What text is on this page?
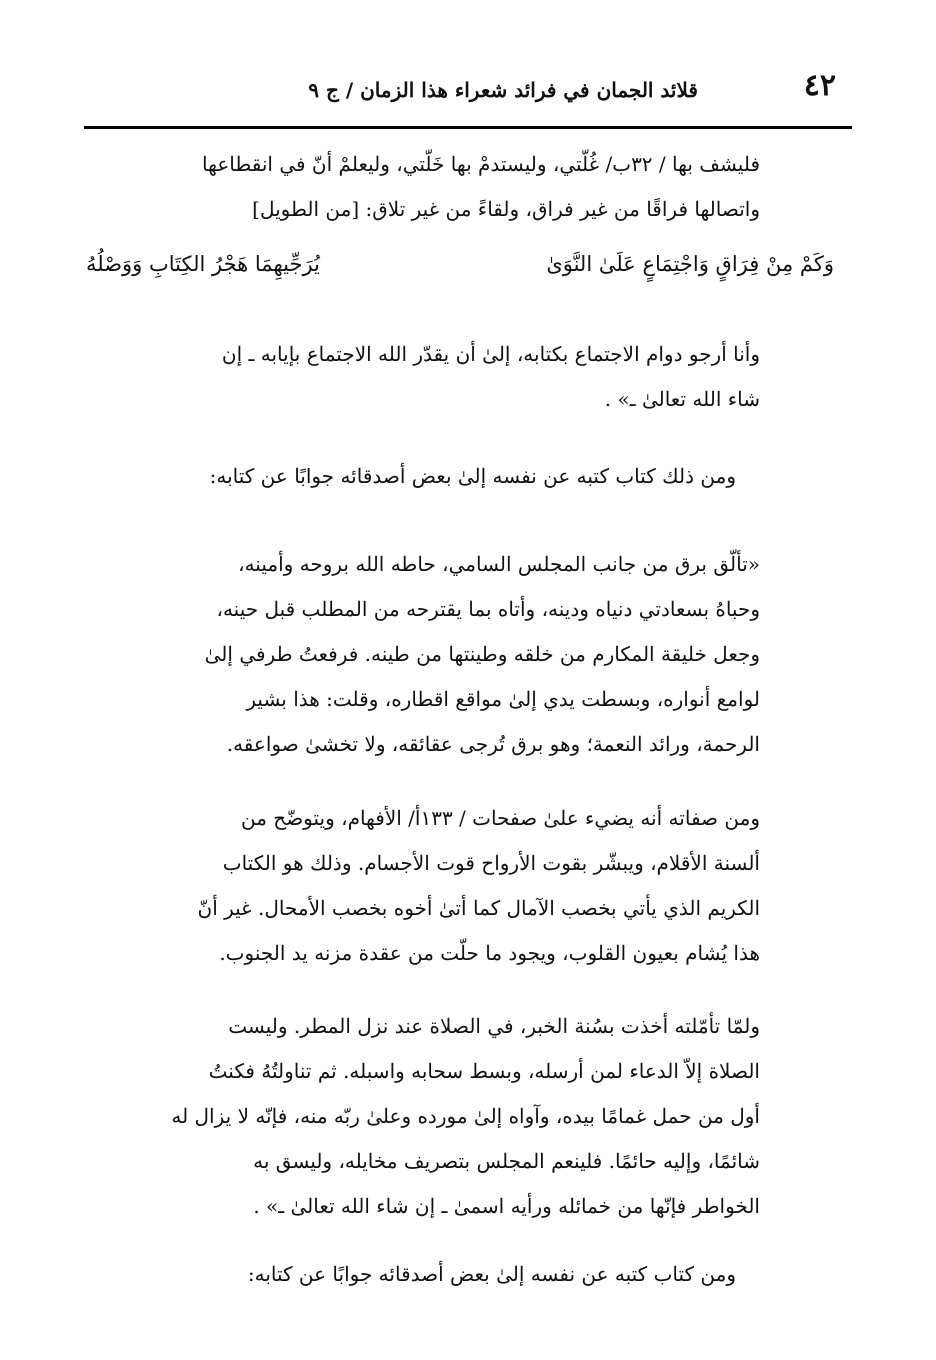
٤٢
قلائد الجمان في فرائد شعراء هذا الزمان / ج ٩

فليشف بها / ٣٢ب/ غُلّتي، وليستدمْ بها خَلّتي، وليعلمْ أنّ في انقطاعها

واتصالها فراقًا من غير فراق، ولقاءً من غير تلاق: [من الطويل]

وَكَمْ مِنْ فِرَاقٍ وَاجْتِمَاعٍ عَلَىٰ النَّوَىٰ
يُرَجِّيهِمَا هَجْرُ الكِتَابِ وَوَصْلُهُ

وأنا أرجو دوام الاجتماع بكتابه، إلىٰ أن يقدّر الله الاجتماع بإيابه ـ إن

شاء الله تعالىٰ ـ» .

ومن ذلك كتاب كتبه عن نفسه إلىٰ بعض أصدقائه جوابًا عن كتابه:

«تألّق برق من جانب المجلس السامي، حاطه الله بروحه وأمينه،

وحباهُ بسعادتي دنياه ودينه، وأتاه بما يقترحه من المطلب قبل حينه،

وجعل خليقة المكارم من خلقه وطينتها من طينه. فرفعتُ طرفي إلىٰ

لوامع أنواره، وبسطت يدي إلىٰ مواقع اقطاره، وقلت: هذا بشير

الرحمة، ورائد النعمة؛ وهو برق تُرجى عقائقه، ولا تخشىٰ صواعقه.

ومن صفاته أنه يضيء علىٰ صفحات / ١٣٣أ/ الأفهام، ويتوضّح من

ألسنة الأقلام، ويبشّر بقوت الأرواح قوت الأجسام. وذلك هو الكتاب

الكريم الذي يأتي بخصب الآمال كما أتىٰ أخوه بخصب الأمحال. غير أنّ

هذا يُشام بعيون القلوب، ويجود ما حلّت من عقدة مزنه يد الجنوب.

ولمّا تأمّلته أخذت بسُنة الخبر، في الصلاة عند نزل المطر. وليست

الصلاة إلاّ الدعاء لمن أرسله، وبسط سحابه واسبله. ثم تناولتُهُ فكنتُ

أول من حمل غمامًا بيده، وآواه إلىٰ مورده وعلىٰ ربّه منه، فإنّه لا يزال له

شائمًا، وإليه حائمًا. فلينعم المجلس بتصريف مخايله، وليسق به

الخواطر فإنّها من خمائله ورأيه اسمىٰ ـ إن شاء الله تعالىٰ ـ» .

ومن كتاب كتبه عن نفسه إلىٰ بعض أصدقائه جوابًا عن كتابه:
